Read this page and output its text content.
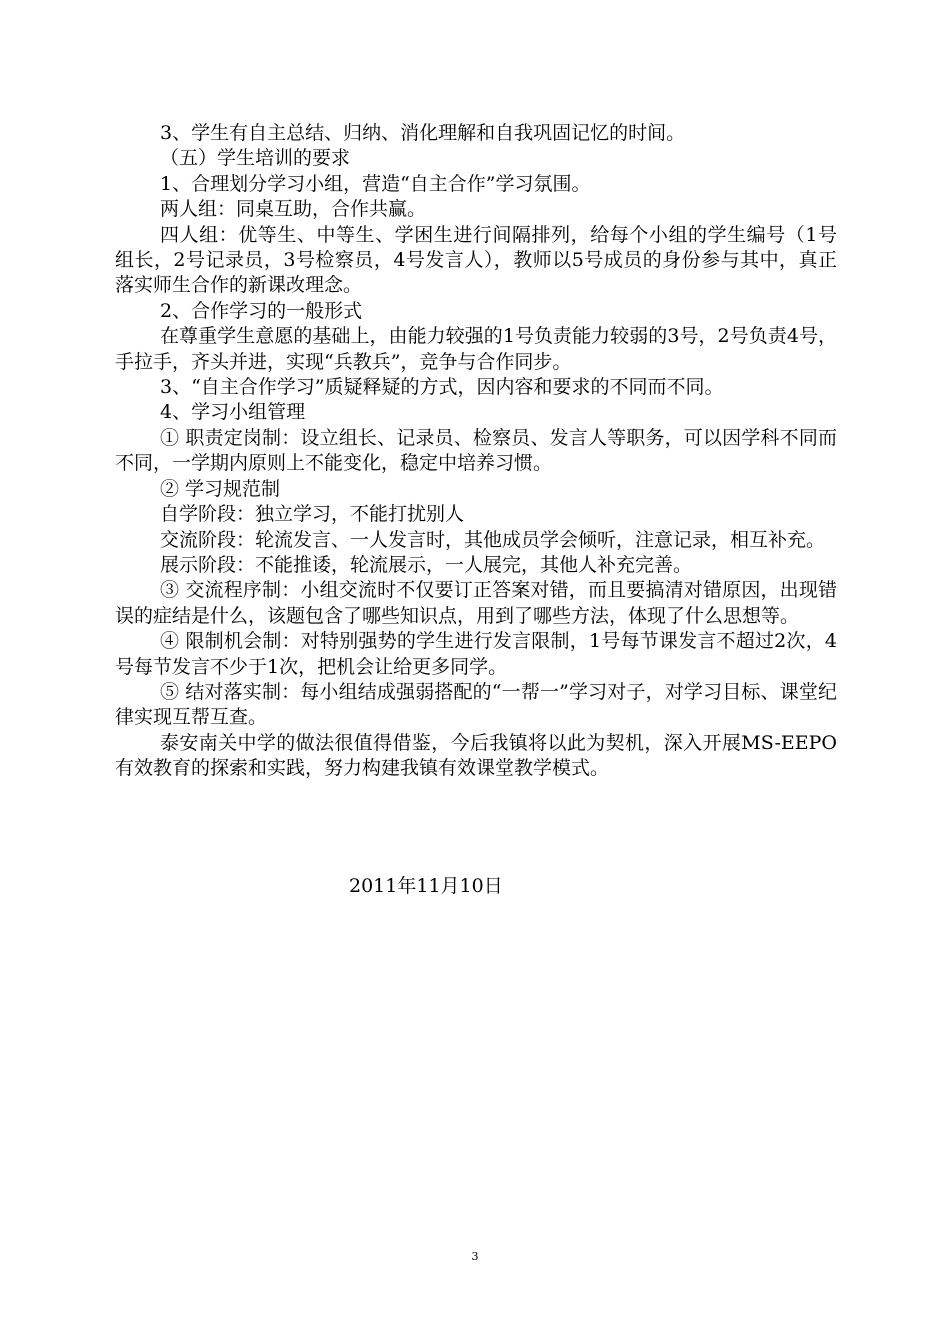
3、学生有自主总结、归纳、消化理解和自我巩固记忆的时间。

（五）学生培训的要求

1、合理划分学习小组，营造“自主合作”学习氛围。

两人组：同桌互助，合作共赢。

四人组：优等生、中等生、学困生进行间隔排列，给每个小组的学生编号（1号组长，2号记录员，3号检察员，4号发言人），教师以5号成员的身份参与其中，真正落实师生合作的新课改理念。

2、合作学习的一般形式

在尊重学生意愿的基础上，由能力较强的1号负责能力较弱的3号，2号负责4号，手拉手，齐头并进，实现“兵教兵”，竞争与合作同步。

3、“自主合作学习”质疑释疑的方式，因内容和要求的不同而不同。

4、学习小组管理

① 职责定岗制：设立组长、记录员、检察员、发言人等职务，可以因学科不同而不同，一学期内原则上不能变化，稳定中培养习惯。

② 学习规范制

自学阶段：独立学习，不能打扰别人

交流阶段：轮流发言、一人发言时，其他成员学会倾听，注意记录，相互补充。

展示阶段：不能推诿，轮流展示，一人展完，其他人补充完善。

③ 交流程序制：小组交流时不仅要订正答案对错，而且要搞清对错原因，出现错误的症结是什么，该题包含了哪些知识点，用到了哪些方法，体现了什么思想等。

④ 限制机会制：对特别强势的学生进行发言限制，1号每节课发言不超过2次，4号每节发言不少于1次，把机会让给更多同学。

⑤ 结对落实制：每小组结成强弱搭配的“一帮一”学习对子，对学习目标、课堂纪律实现互帮互查。

泰安南关中学的做法很值得借鉴，今后我镇将以此为契机，深入开展MS-EEPO有效教育的探索和实践，努力构建我镇有效课堂教学模式。

2011年11月10日
3
